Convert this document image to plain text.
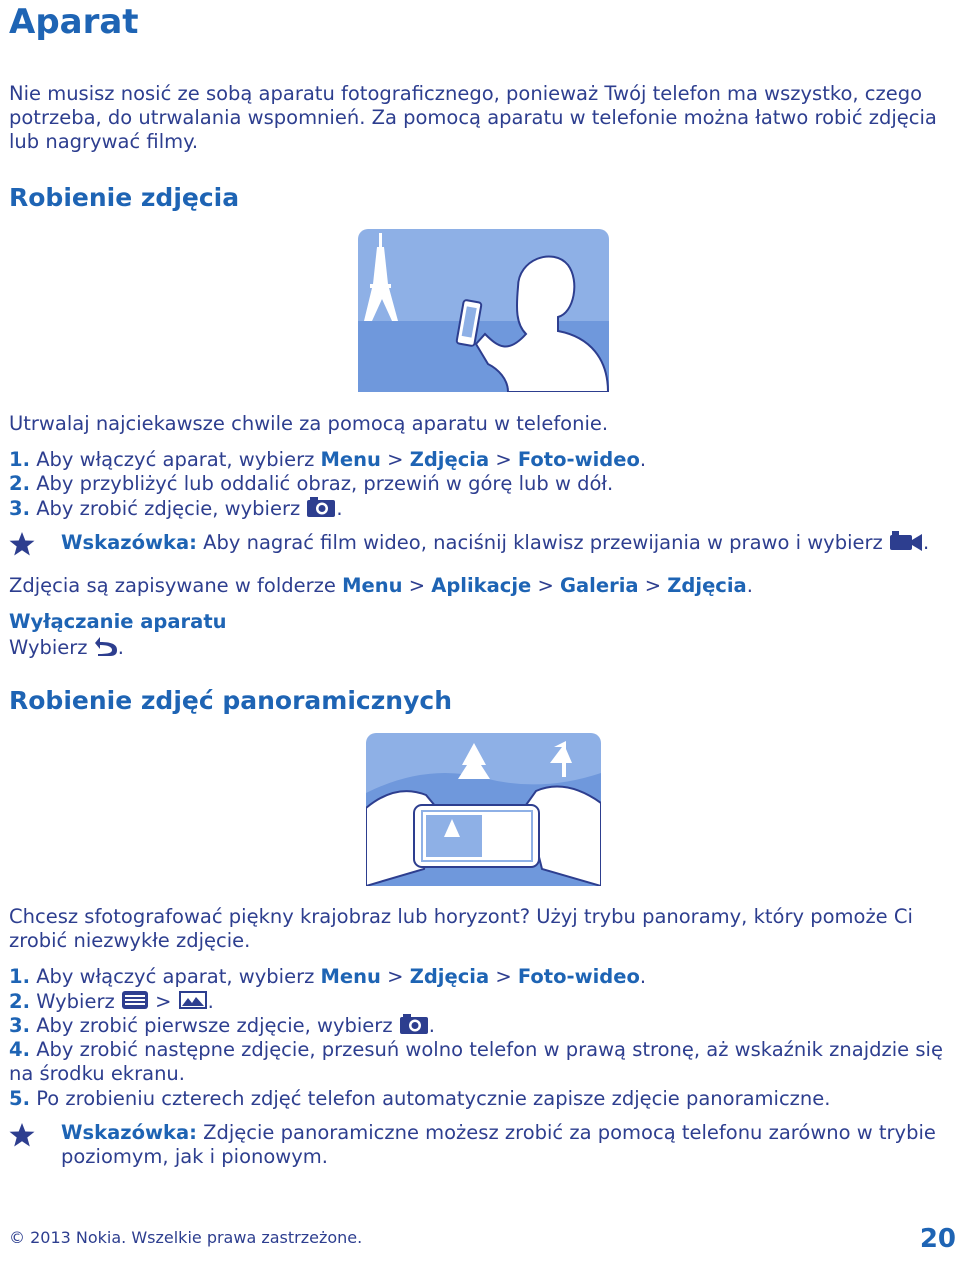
Aparat

Nie musisz nosić ze sobą aparatu fotograficznego, ponieważ Twój telefon ma wszystko, czego potrzeba, do utrwalania wspomnień. Za pomocą aparatu w telefonie można łatwo robić zdjęcia lub nagrywać filmy.

Robienie zdjęcia

Utrwalaj najciekawsze chwile za pomocą aparatu w telefonie.

1. Aby włączyć aparat, wybierz Menu > Zdjęcia > Foto-wideo.

2. Aby przybliżyć lub oddalić obraz, przewiń w górę lub w dół.

3. Aby zrobić zdjęcie, wybierz .

Wskazówka: Aby nagrać film wideo, naciśnij klawisz przewijania w prawo i wybierz .

Zdjęcia są zapisywane w folderze Menu > Aplikacje > Galeria > Zdjęcia.

Wyłączanie aparatu

Wybierz .

Robienie zdjęć panoramicznych

Chcesz sfotografować piękny krajobraz lub horyzont? Użyj trybu panoramy, który pomoże Ci zrobić niezwykłe zdjęcie.

1. Aby włączyć aparat, wybierz Menu > Zdjęcia > Foto-wideo.

2. Wybierz > .

3. Aby zrobić pierwsze zdjęcie, wybierz .

4. Aby zrobić następne zdjęcie, przesuń wolno telefon w prawą stronę, aż wskaźnik znajdzie się na środku ekranu.

5. Po zrobieniu czterech zdjęć telefon automatycznie zapisze zdjęcie panoramiczne.

Wskazówka: Zdjęcie panoramiczne możesz zrobić za pomocą telefonu zarówno w trybie poziomym, jak i pionowym.

© 2013 Nokia. Wszelkie prawa zastrzeżone.	20
